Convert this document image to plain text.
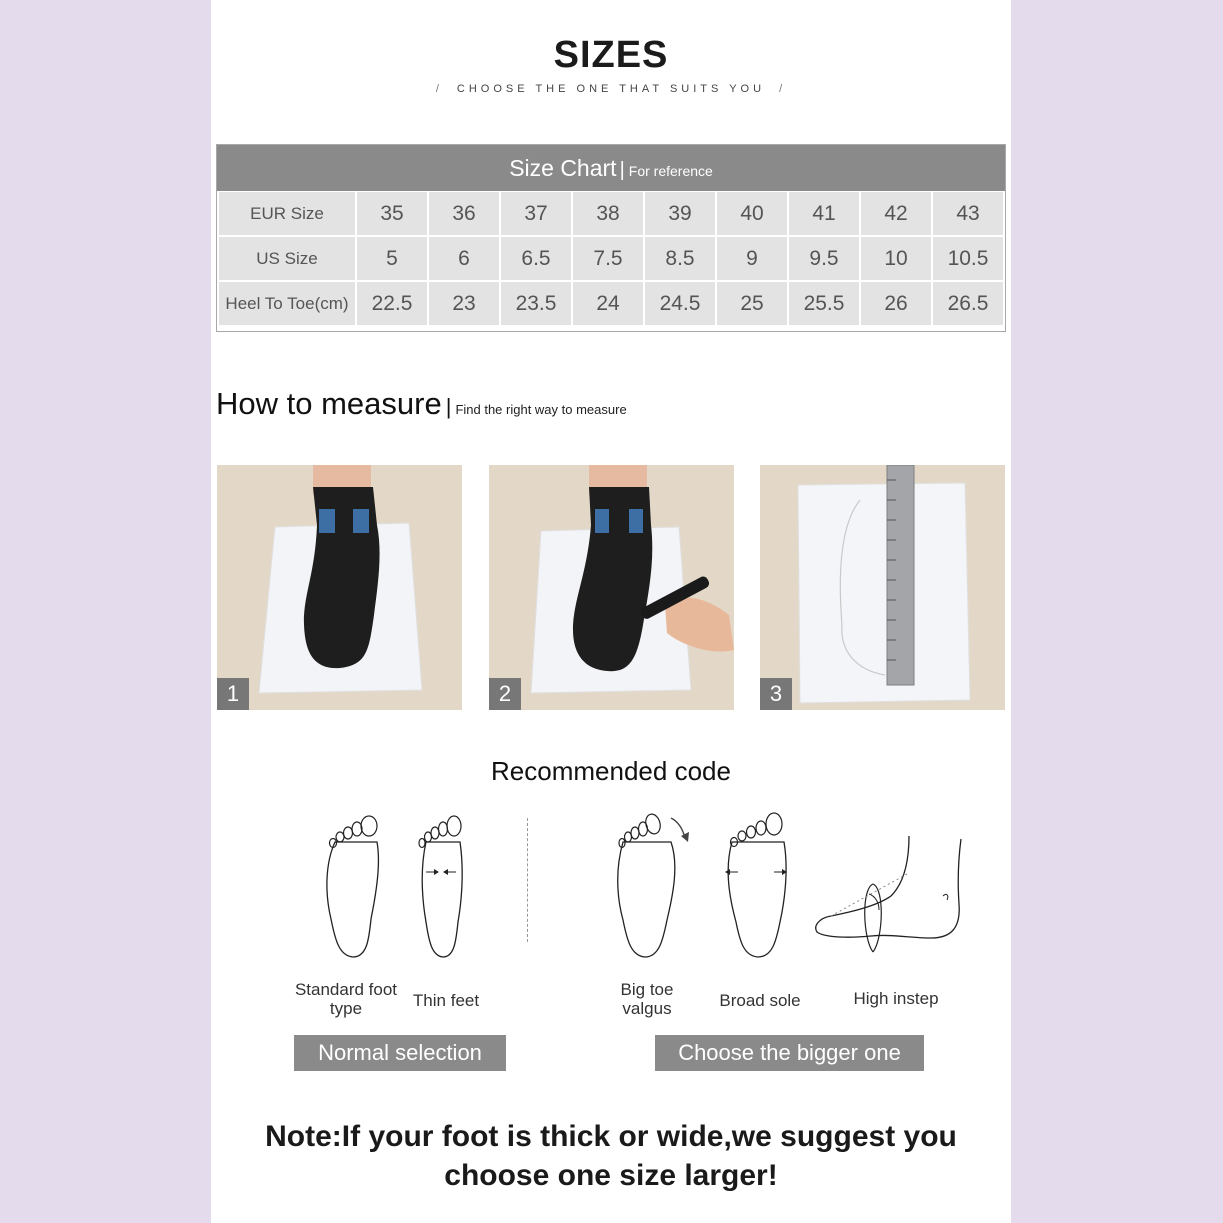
SIZES
/ CHOOSE THE ONE THAT SUITS YOU /
Size Chart | For reference
EUR Size	35	36	37	38	39	40	41	42	43
US Size	5	6	6.5	7.5	8.5	9	9.5	10	10.5
Heel To Toe(cm)	22.5	23	23.5	24	24.5	25	25.5	26	26.5
How to measure | Find the right way to measure
1	2	3
Recommended code
Standard foot type	Thin feet
Big toe valgus	Broad sole	High instep
Normal selection	Choose the bigger one
Note:If your foot is thick or wide,we suggest you
choose one size larger!
